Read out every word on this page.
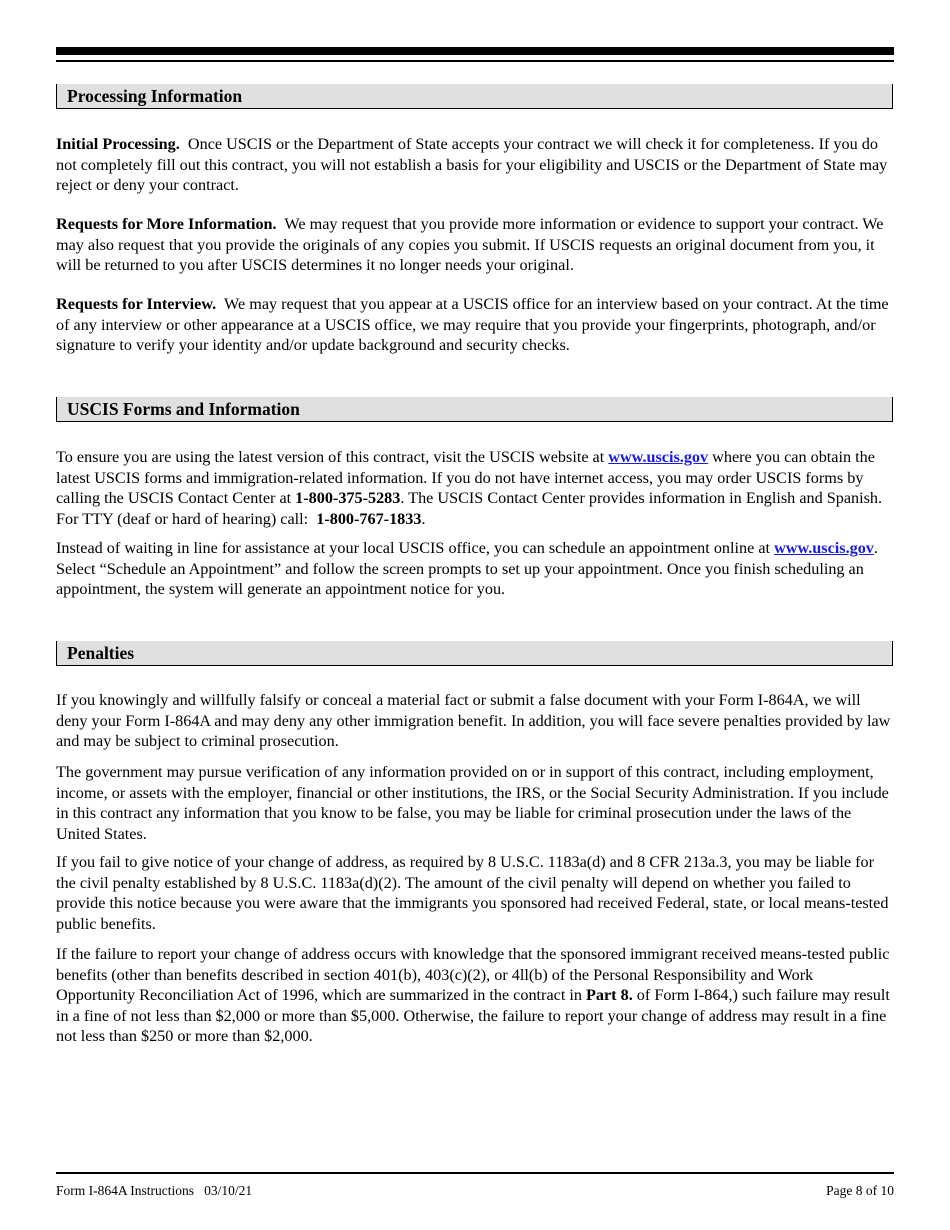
Processing Information

Initial Processing. Once USCIS or the Department of State accepts your contract we will check it for completeness. If you do not completely fill out this contract, you will not establish a basis for your eligibility and USCIS or the Department of State may reject or deny your contract.

Requests for More Information. We may request that you provide more information or evidence to support your contract. We may also request that you provide the originals of any copies you submit. If USCIS requests an original document from you, it will be returned to you after USCIS determines it no longer needs your original.

Requests for Interview. We may request that you appear at a USCIS office for an interview based on your contract. At the time of any interview or other appearance at a USCIS office, we may require that you provide your fingerprints, photograph, and/or signature to verify your identity and/or update background and security checks.

USCIS Forms and Information

To ensure you are using the latest version of this contract, visit the USCIS website at www.uscis.gov where you can obtain the latest USCIS forms and immigration-related information. If you do not have internet access, you may order USCIS forms by calling the USCIS Contact Center at 1-800-375-5283. The USCIS Contact Center provides information in English and Spanish. For TTY (deaf or hard of hearing) call: 1-800-767-1833.

Instead of waiting in line for assistance at your local USCIS office, you can schedule an appointment online at www.uscis.gov. Select “Schedule an Appointment” and follow the screen prompts to set up your appointment. Once you finish scheduling an appointment, the system will generate an appointment notice for you.

Penalties

If you knowingly and willfully falsify or conceal a material fact or submit a false document with your Form I-864A, we will deny your Form I-864A and may deny any other immigration benefit. In addition, you will face severe penalties provided by law and may be subject to criminal prosecution.

The government may pursue verification of any information provided on or in support of this contract, including employment, income, or assets with the employer, financial or other institutions, the IRS, or the Social Security Administration. If you include in this contract any information that you know to be false, you may be liable for criminal prosecution under the laws of the United States.

If you fail to give notice of your change of address, as required by 8 U.S.C. 1183a(d) and 8 CFR 213a.3, you may be liable for the civil penalty established by 8 U.S.C. 1183a(d)(2). The amount of the civil penalty will depend on whether you failed to provide this notice because you were aware that the immigrants you sponsored had received Federal, state, or local means-tested public benefits.

If the failure to report your change of address occurs with knowledge that the sponsored immigrant received means-tested public benefits (other than benefits described in section 401(b), 403(c)(2), or 4ll(b) of the Personal Responsibility and Work Opportunity Reconciliation Act of 1996, which are summarized in the contract in Part 8. of Form I-864,) such failure may result in a fine of not less than $2,000 or more than $5,000. Otherwise, the failure to report your change of address may result in a fine not less than $250 or more than $2,000.

Form I-864A Instructions   03/10/21	Page 8 of 10
